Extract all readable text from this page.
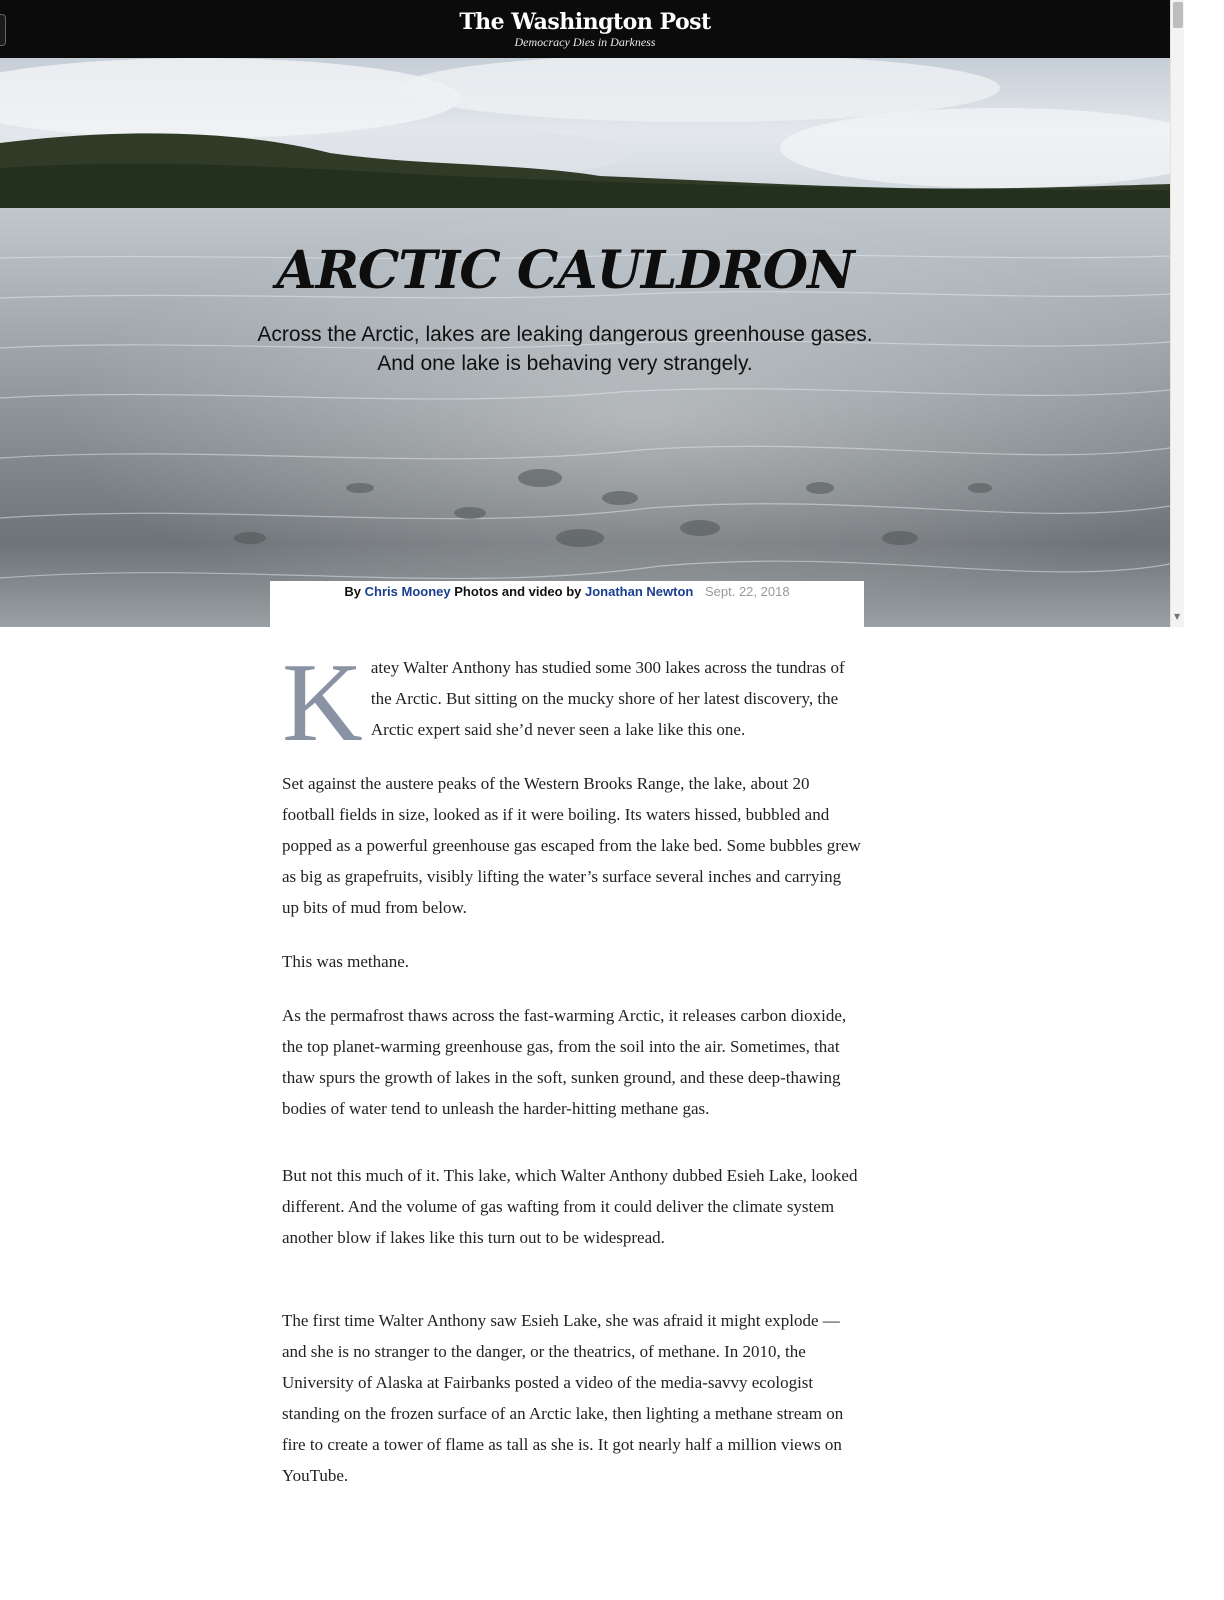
The Washington Post
Democracy Dies in Darkness
▼
ARCTIC CAULDRON
Across the Arctic, lakes are leaking dangerous greenhouse gases. And one lake is behaving very strangely.
By Chris Mooney Photos and video by Jonathan Newton Sept. 22, 2018

K atey Walter Anthony has studied some 300 lakes across the tundras of the Arctic. But sitting on the mucky shore of her latest discovery, the Arctic expert said she’d never seen a lake like this one.

Set against the austere peaks of the Western Brooks Range, the lake, about 20 football fields in size, looked as if it were boiling. Its waters hissed, bubbled and popped as a powerful greenhouse gas escaped from the lake bed. Some bubbles grew as big as grapefruits, visibly lifting the water’s surface several inches and carrying up bits of mud from below.

This was methane.

As the permafrost thaws across the fast-warming Arctic, it releases carbon dioxide, the top planet-warming greenhouse gas, from the soil into the air. Sometimes, that thaw spurs the growth of lakes in the soft, sunken ground, and these deep-thawing bodies of water tend to unleash the harder-hitting methane gas.

But not this much of it. This lake, which Walter Anthony dubbed Esieh Lake, looked different. And the volume of gas wafting from it could deliver the climate system another blow if lakes like this turn out to be widespread.

The first time Walter Anthony saw Esieh Lake, she was afraid it might explode — and she is no stranger to the danger, or the theatrics, of methane. In 2010, the University of Alaska at Fairbanks posted a video of the media-savvy ecologist standing on the frozen surface of an Arctic lake, then lighting a methane stream on fire to create a tower of flame as tall as she is. It got nearly half a million views on YouTube.
